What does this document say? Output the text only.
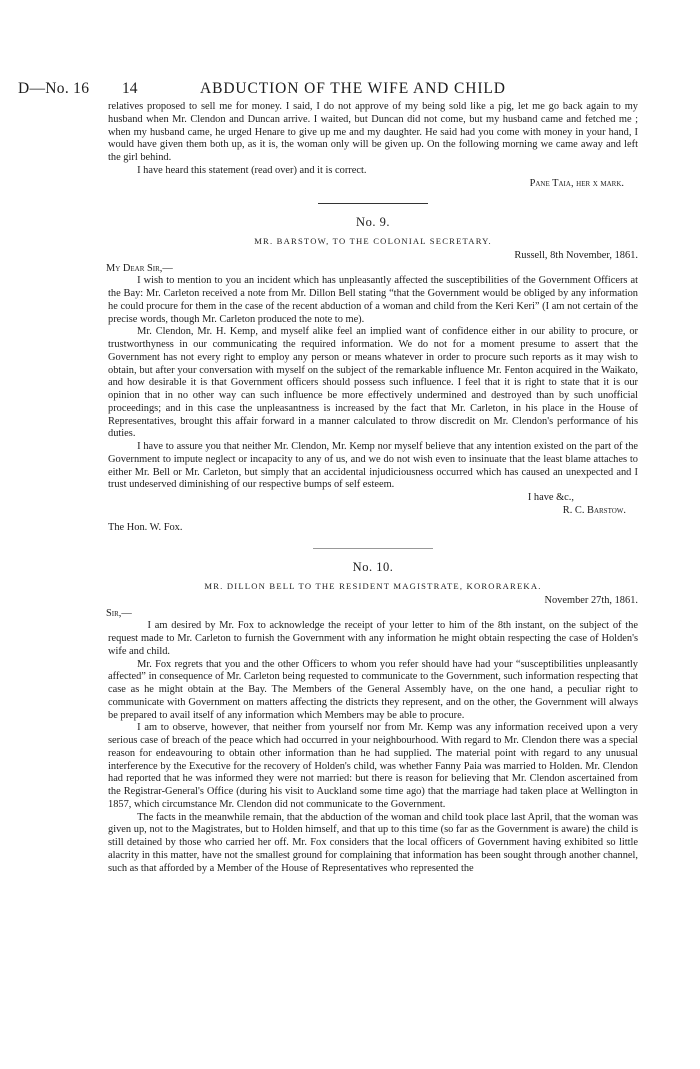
D—No. 16 14	ABDUCTION OF THE WIFE AND CHILD

relatives proposed to sell me for money. I said, I do not approve of my being sold like a pig, let me go back again to my husband when Mr. Clendon and Duncan arrive. I waited, but Duncan did not come, but my husband came and fetched me ; when my husband came, he urged Henare to give up me and my daughter. He said had you come with money in your hand, I would have given them both up, as it is, the woman only will be given up. On the following morning we came away and left the girl behind.

I have heard this statement (read over) and it is correct.

Pane Taia, her x mark.

No. 9.
MR. BARSTOW, TO THE COLONIAL SECRETARY.

Russell, 8th November, 1861.

My Dear Sir,—

I wish to mention to you an incident which has unpleasantly affected the susceptibilities of the Government Officers at the Bay: Mr. Carleton received a note from Mr. Dillon Bell stating “that the Government would be obliged by any information he could procure for them in the case of the recent abduction of a woman and child from the Keri Keri” (I am not certain of the precise words, though Mr. Carleton produced the note to me).

Mr. Clendon, Mr. H. Kemp, and myself alike feel an implied want of confidence either in our ability to procure, or trustworthyness in our communicating the required information. We do not for a moment presume to assert that the Government has not every right to employ any person or means whatever in order to procure such reports as it may wish to obtain, but after your conversation with myself on the subject of the remarkable influence Mr. Fenton acquired in the Waikato, and how desirable it is that Government officers should possess such influence. I feel that it is right to state that it is our opinion that in no other way can such influence be more effectively undermined and destroyed than by such unofficial proceedings; and in this case the unpleasantness is increased by the fact that Mr. Carleton, in his place in the House of Representatives, brought this affair forward in a manner calculated to throw discredit on Mr. Clendon's performance of his duties.

I have to assure you that neither Mr. Clendon, Mr. Kemp nor myself believe that any intention existed on the part of the Government to impute neglect or incapacity to any of us, and we do not wish even to insinuate that the least blame attaches to either Mr. Bell or Mr. Carleton, but simply that an accidental injudiciousness occurred which has caused an unexpected and I trust undeserved diminishing of our respective bumps of self esteem.

I have &c.,

R. C. Barstow.

The Hon. W. Fox.

No. 10.
MR. DILLON BELL TO THE RESIDENT MAGISTRATE, KORORAREKA.

November 27th, 1861.

Sir,—

I am desired by Mr. Fox to acknowledge the receipt of your letter to him of the 8th instant, on the subject of the request made to Mr. Carleton to furnish the Government with any information he might obtain respecting the case of Holden's wife and child.

Mr. Fox regrets that you and the other Officers to whom you refer should have had your “susceptibilities unpleasantly affected” in consequence of Mr. Carleton being requested to communicate to the Government, such information respecting that case as he might obtain at the Bay. The Members of the General Assembly have, on the one hand, a peculiar right to communicate with Government on matters affecting the districts they represent, and on the other, the Government will always be prepared to avail itself of any information which Members may be able to procure.

I am to observe, however, that neither from yourself nor from Mr. Kemp was any information received upon a very serious case of breach of the peace which had occurred in your neighbourhood. With regard to Mr. Clendon there was a special reason for endeavouring to obtain other information than he had supplied. The material point with regard to any unusual interference by the Executive for the recovery of Holden's child, was whether Fanny Paia was married to Holden. Mr. Clendon had reported that he was informed they were not married: but there is reason for believing that Mr. Clendon ascertained from the Registrar-General's Office (during his visit to Auckland some time ago) that the marriage had taken place at Wellington in 1857, which circumstance Mr. Clendon did not communicate to the Government.

The facts in the meanwhile remain, that the abduction of the woman and child took place last April, that the woman was given up, not to the Magistrates, but to Holden himself, and that up to this time (so far as the Government is aware) the child is still detained by those who carried her off. Mr. Fox considers that the local officers of Government having exhibited so little alacrity in this matter, have not the smallest ground for complaining that information has been sought through another channel, such as that afforded by a Member of the House of Representatives who represented the
